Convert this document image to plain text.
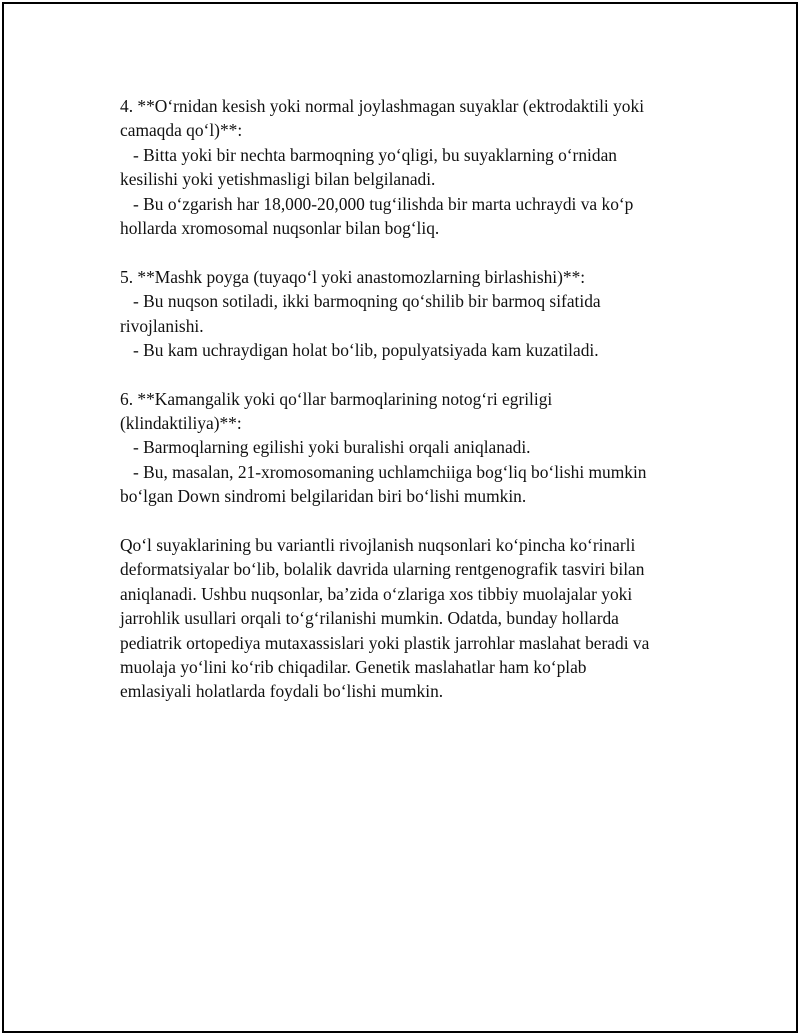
4. **O‘rnidan kesish yoki normal joylashmagan suyaklar (ektrodaktili yoki
camaqda qo‘l)**:
- Bitta yoki bir nechta barmoqning yo‘qligi, bu suyaklarning o‘rnidan
kesilishi yoki yetishmasligi bilan belgilanadi.
- Bu o‘zgarish har 18,000-20,000 tug‘ilishda bir marta uchraydi va ko‘p
hollarda xromosomal nuqsonlar bilan bog‘liq.
5. **Mashk poyga (tuyaqo‘l yoki anastomozlarning birlashishi)**:
- Bu nuqson sotiladi, ikki barmoqning qo‘shilib bir barmoq sifatida
rivojlanishi.
- Bu kam uchraydigan holat bo‘lib, populyatsiyada kam kuzatiladi.
6. **Kamangalik yoki qo‘llar barmoqlarining notog‘ri egriligi
(klindaktiliya)**:
- Barmoqlarning egilishi yoki buralishi orqali aniqlanadi.
- Bu, masalan, 21-xromosomaning uchlamchiiga bog‘liq bo‘lishi mumkin
bo‘lgan Down sindromi belgilaridan biri bo‘lishi mumkin.
Qo‘l suyaklarining bu variantli rivojlanish nuqsonlari ko‘pincha ko‘rinarli
deformatsiyalar bo‘lib, bolalik davrida ularning rentgenografik tasviri bilan
aniqlanadi. Ushbu nuqsonlar, ba’zida o‘zlariga xos tibbiy muolajalar yoki
jarrohlik usullari orqali to‘g‘rilanishi mumkin. Odatda, bunday hollarda
pediatrik ortopediya mutaxassislari yoki plastik jarrohlar maslahat beradi va
muolaja yo‘lini ko‘rib chiqadilar. Genetik maslahatlar ham ko‘plab
emlasiyali holatlarda foydali bo‘lishi mumkin.
